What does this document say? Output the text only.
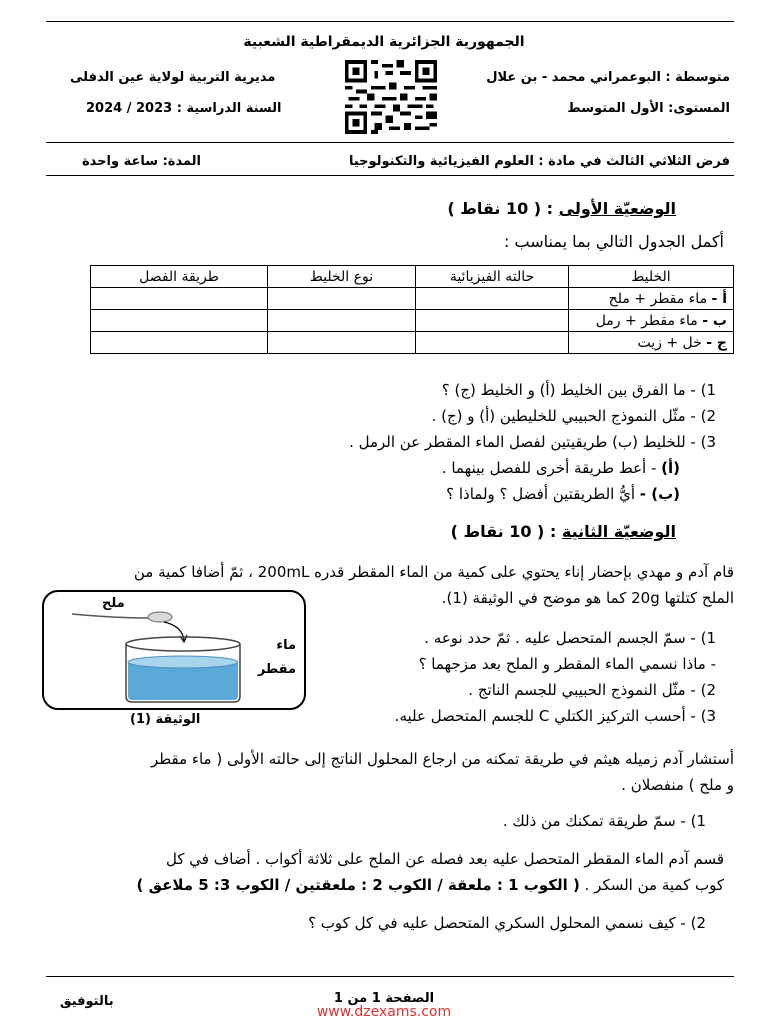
الجمهورية الجزائرية الديمقراطية الشعبية
متوسطة : البوعمراني محمد - بن علال
مديرية التربية لولاية عين الدفلى
المستوى: الأول المتوسط
السنة الدراسية : 2023 / 2024
فرض الثلاثي الثالث في مادة : العلوم الفيزيائية والتكنولوجيا
المدة: ساعة واحدة
الوضعيّة الأولى : ( 10 نقاط )
أكمل الجدول التالي بما يمناسب :
الخليط	حالته الفيزيائية	نوع الخليط	طريقة الفصل
أ - ماء مقطر + ملح			
ب - ماء مقطر + رمل			
ج - خل + زيت			
1) - ما الفرق بين الخليط (أ) و الخليط (ج) ؟
2) - مثّل النموذج الحبيبي للخليطين (أ) و (ج) .
3) - للخليط (ب) طريقيتين لفصل الماء المقطر عن الرمل .
(أ) - أعط طريقة أخرى للفصل بينهما .
(ب) - أيُّ الطريقتين أفضل ؟ ولماذا ؟
الوضعيّة الثانية : ( 10 نقاط )
قام آدم و مهدي بإحضار إناء يحتوي على كمية من الماء المقطر قدره 200mL ، ثمّ أضافا كمية من
الملح كتلتها 20g كما هو موضح في الوثيقة (1).
1) - سمّ الجسم المتحصل عليه . ثمّ حدد نوعه .
- ماذا نسمي الماء المقطر و الملح بعد مزجهما ؟
2) - مثّل النموذج الحبيبي للجسم الناتج .
3) - أحسب التركيز الكتلي C للجسم المتحصل عليه.
ملح
ماء
مقطر
الوثيقة (1)
أستشار آدم زميله هيثم في طريقة تمكنه من ارجاع المحلول الناتج إلى حالته الأولى ( ماء مقطر
و ملح ) منفصلان .
1) - سمّ طريقة تمكنك من ذلك .
قسم آدم الماء المقطر المتحصل عليه بعد فصله عن الملح على ثلاثة أكواب . أضاف في كل
كوب كمية من السكر . ( الكوب 1 : ملعقة / الكوب 2 : ملعقتين / الكوب 3: 5 ملاعق )
2) - كيف نسمي المحلول السكري المتحصل عليه في كل كوب ؟
الصفحة 1 من 1
بالتوفيق
www.dzexams.com
